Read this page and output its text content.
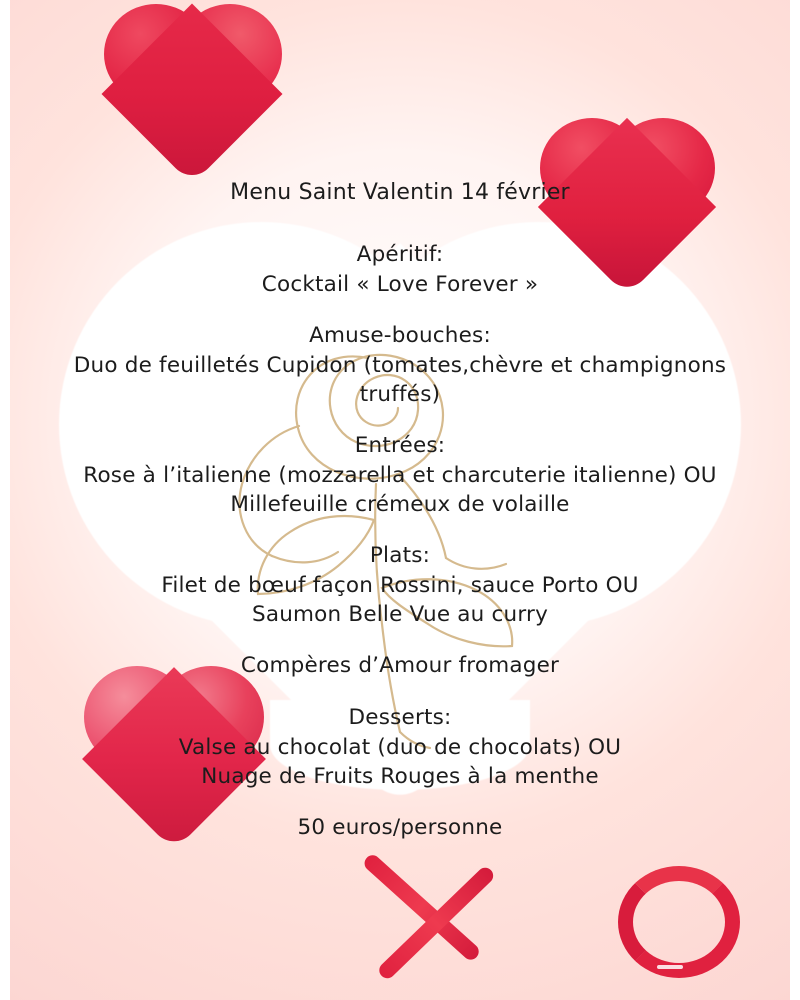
Menu Saint Valentin 14 février
Apéritif:
Cocktail « Love Forever »
Amuse-bouches:
Duo de feuilletés Cupidon (tomates,chèvre et champignons
truffés)
Entrées:
Rose à l’italienne (mozzarella et charcuterie italienne) OU
Millefeuille crémeux de volaille
Plats:
Filet de bœuf façon Rossini, sauce Porto OU
Saumon Belle Vue au curry
Compères d’Amour fromager
Desserts:
Valse au chocolat (duo de chocolats) OU
Nuage de Fruits Rouges à la menthe
50 euros/personne
